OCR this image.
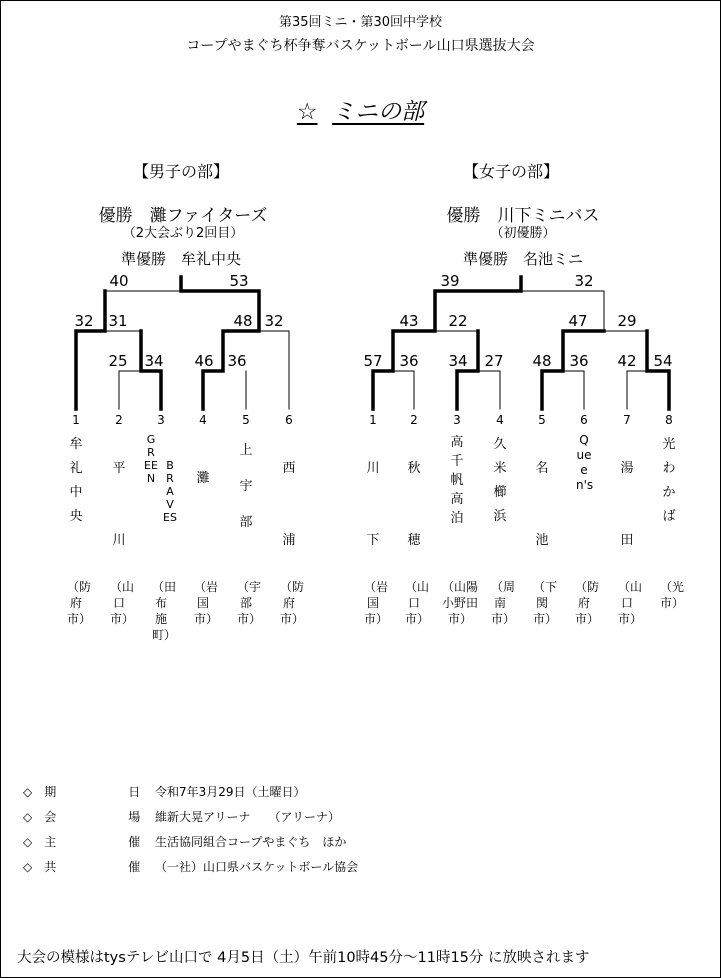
第35回ミニ・第30回中学校
コープやまぐち杯争奪バスケットボール山口県選抜大会
☆ ミニの部
【男子の部】
優勝　灘ファイターズ
（2大会ぶり2回目）
準優勝　牟礼中央
【女子の部】
優勝　川下ミニバス
（初優勝）
準優勝　名池ミニ
40	53
32 31	48 32
25 34 46 36
39	32
43 22	47 29
57 36 34 27 48 36 42 54
1
牟礼中央
（防府市）
2
平川
（山口市）
3
GREEN
BRAVES
（田布施町）
4
灘
（岩国市）
5
上宇部
（宇部市）
6
西浦
（防府市）
1
川下
（岩国市）
2
秋穂
（山口市）
3
高千帆高泊
（山陽小野田市）
4
久米櫛浜
（周南市）
5
名池
（下関市）
6
Queen's
（防府市）
7
湯田
（山口市）
8
光わかば
（光市）
◇　期　　　　　　日 令和7年3月29日（土曜日）
◇　会　　　　　　場 維新大晃アリーナ　　（アリーナ）
◇　主　　　　　　催 生活協同組合コープやまぐち　ほか
◇　共　　　　　　催 （一社）山口県バスケットボール協会
大会の模様はtysテレビ山口で 4月5日（土）午前10時45分～11時15分 に放映されます
